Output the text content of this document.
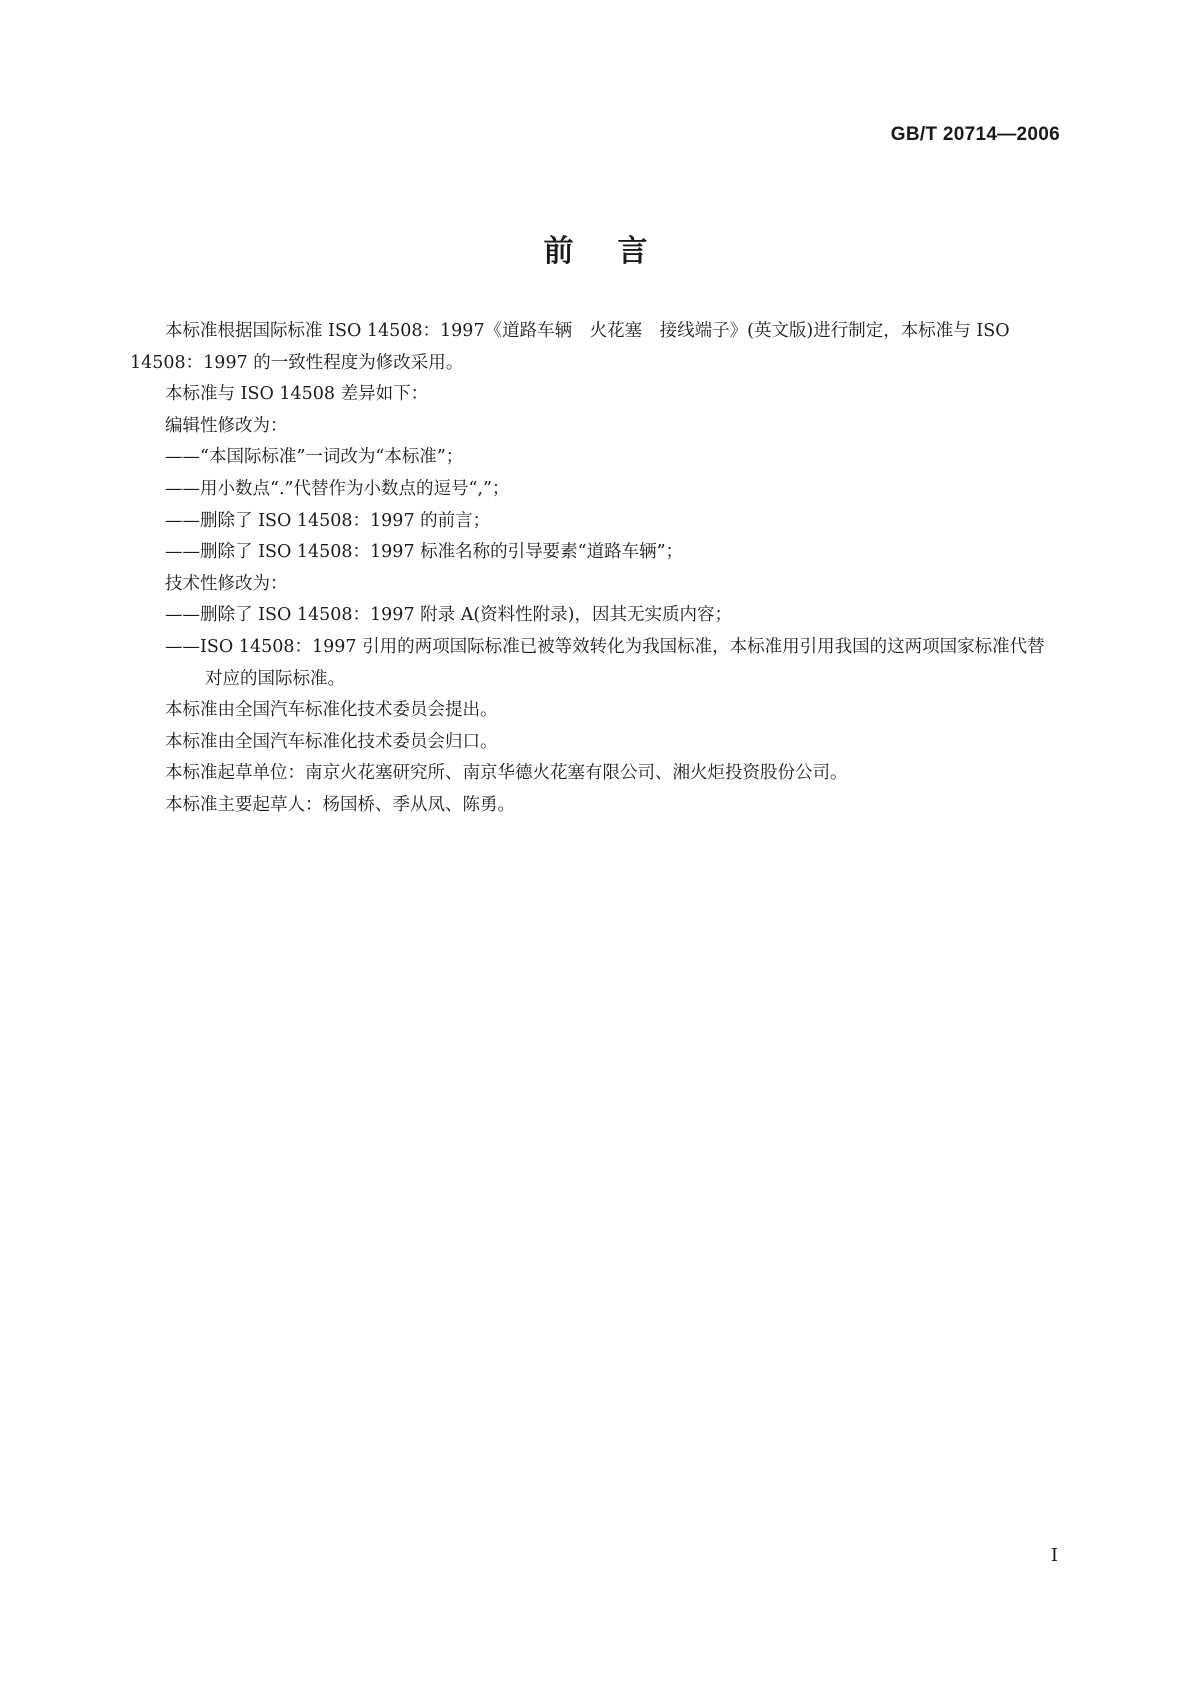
GB/T 20714—2006
前言

本标准根据国际标准 ISO 14508：1997《道路车辆　火花塞　接线端子》(英文版)进行制定，本标准与 ISO 14508：1997 的一致性程度为修改采用。

本标准与 ISO 14508 差异如下：

编辑性修改为：

——“本国际标准”一词改为“本标准”；

——用小数点“.”代替作为小数点的逗号“,”；

——删除了 ISO 14508：1997 的前言；

——删除了 ISO 14508：1997 标准名称的引导要素“道路车辆”；

技术性修改为：

——删除了 ISO 14508：1997 附录 A(资料性附录)，因其无实质内容；

——ISO 14508：1997 引用的两项国际标准已被等效转化为我国标准，本标准用引用我国的这两项国家标准代替对应的国际标准。

本标准由全国汽车标准化技术委员会提出。

本标准由全国汽车标准化技术委员会归口。

本标准起草单位：南京火花塞研究所、南京华德火花塞有限公司、湘火炬投资股份公司。

本标准主要起草人：杨国桥、季从凤、陈勇。

I
